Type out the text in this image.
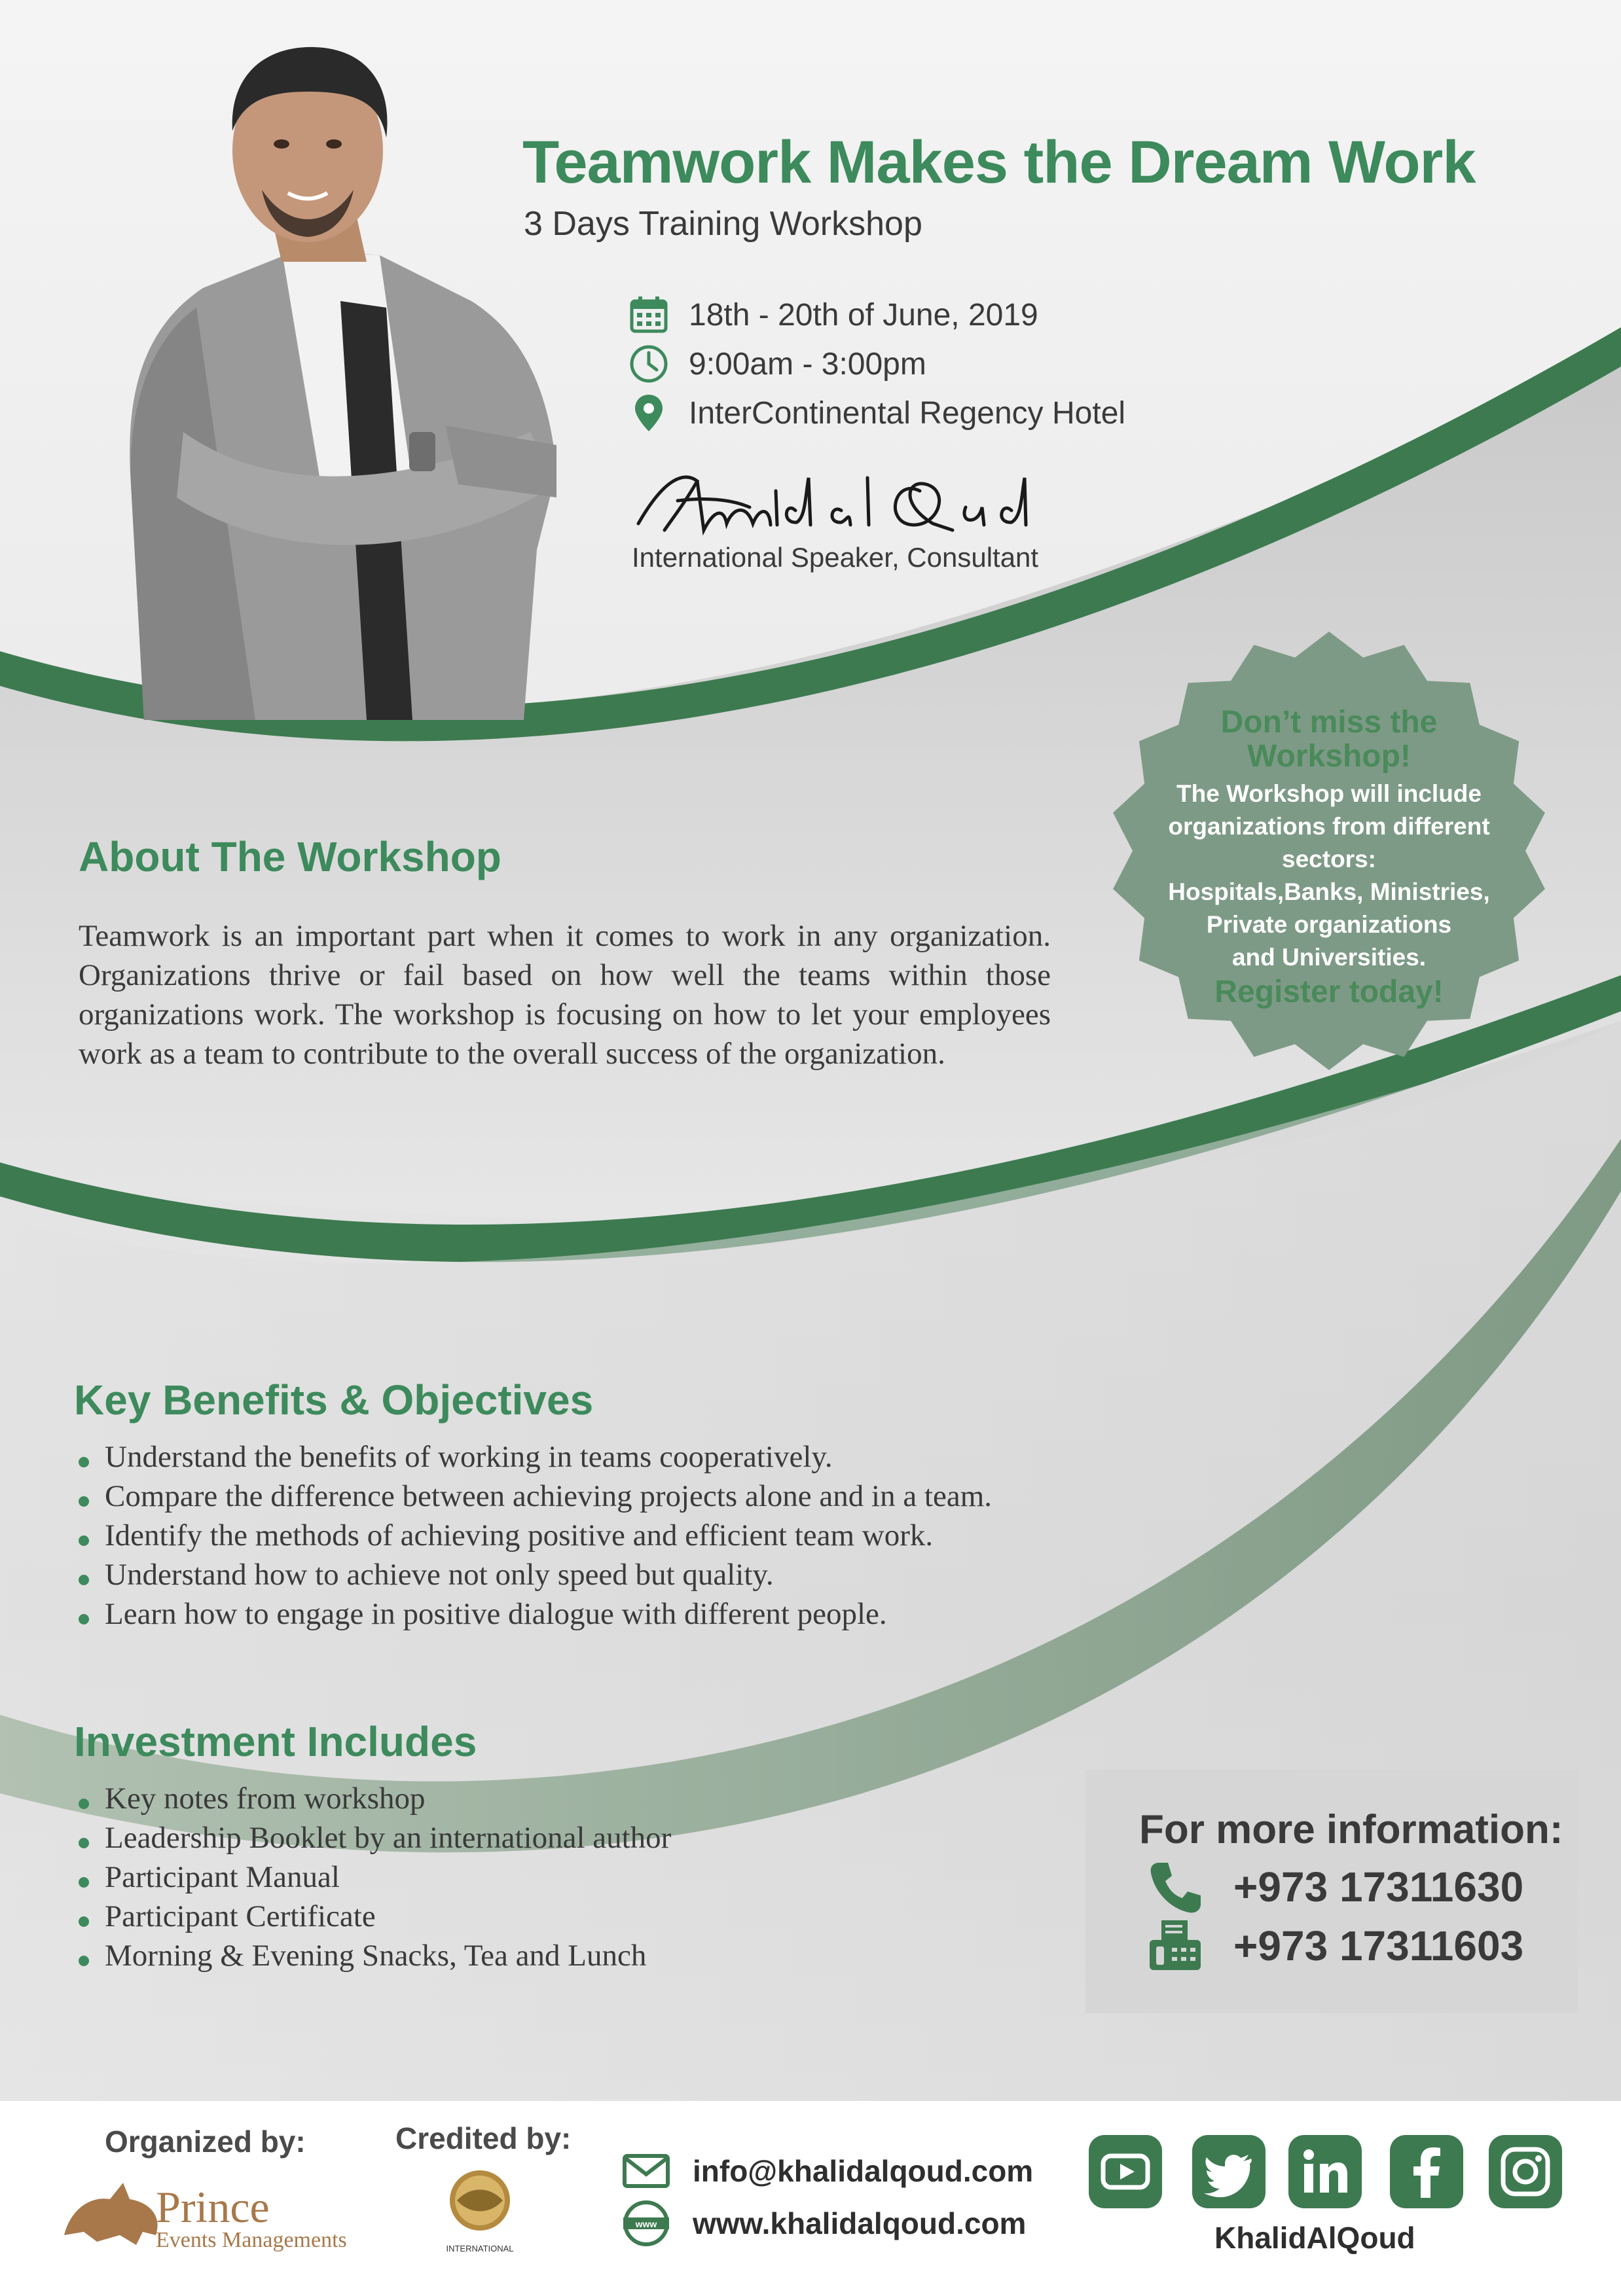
Teamwork Makes the Dream Work
3 Days Training Workshop
18th - 20th of June, 2019
9:00am - 3:00pm
InterContinental Regency Hotel
International Speaker, Consultant
Don’t miss the
Workshop!
The Workshop will include
organizations from different
sectors:
Hospitals,Banks, Ministries,
Private organizations
and Universities.
Register today!
About The Workshop
Teamwork is an important part when it comes to work in any organization. Organizations thrive or fail based on how well the teams within those organizations work. The workshop is focusing on how to let your employees work as a team to contribute to the overall success of the organization.
Key Benefits & Objectives
Understand the benefits of working in teams cooperatively.
Compare the difference between achieving projects alone and in a team.
Identify the methods of achieving positive and efficient team work.
Understand how to achieve not only speed but quality.
Learn how to engage in positive dialogue with different people.
Investment Includes
Key notes from workshop
Leadership Booklet by an international author
Participant Manual
Participant Certificate
Morning & Evening Snacks, Tea and Lunch
For more information:
+973 17311630
+973 17311603
Organized by:	Credited by:
Prince
Events Managements	INTERNATIONAL
info@khalidalqoud.com
www www.khalidalqoud.com	KhalidAlQoud
